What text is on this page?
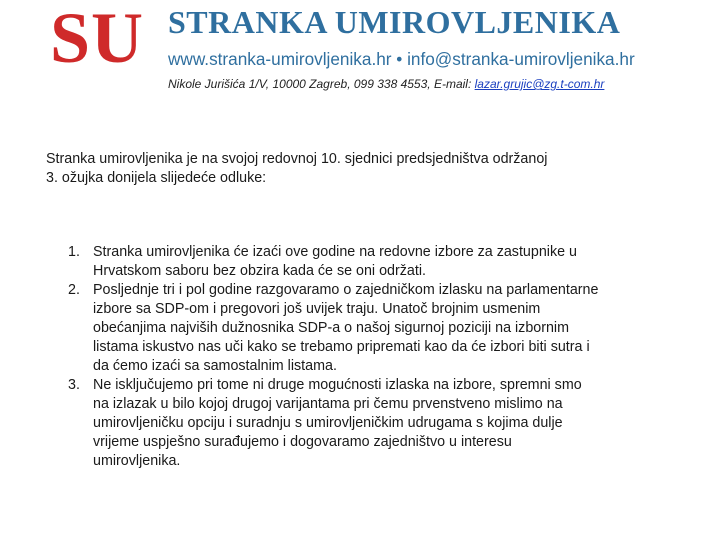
SU STRANKA UMIROVLJENIKA
www.stranka-umirovljenika.hr • info@stranka-umirovljenika.hr
Nikole Jurišića 1/V, 10000 Zagreb, 099 338 4553, E-mail: lazar.grujic@zg.t-com.hr

Stranka umirovljenika je na svojoj redovnoj 10. sjednici predsjedništva održanoj
3. ožujka donijela slijedeće odluke:

1. Stranka umirovljenika će izaći ove godine na redovne izbore za zastupnike u
Hrvatskom saboru bez obzira kada će se oni održati.
2. Posljednje tri i pol godine razgovaramo o zajedničkom izlasku na parlamentarne
izbore sa SDP-om i pregovori još uvijek traju. Unatoč brojnim usmenim
obećanjima najviših dužnosnika SDP-a o našoj sigurnoj poziciji na izbornim
listama iskustvo nas uči kako se trebamo pripremati kao da će izbori biti sutra i
da ćemo izaći sa samostalnim listama.
3. Ne isključujemo pri tome ni druge mogućnosti izlaska na izbore, spremni smo
na izlazak u bilo kojoj drugoj varijantama pri čemu prvenstveno mislimo na
umirovljeničku opciju i suradnju s umirovljeničkim udrugama s kojima dulje
vrijeme uspješno surađujemo i dogovaramo zajedništvo u interesu
umirovljenika.
